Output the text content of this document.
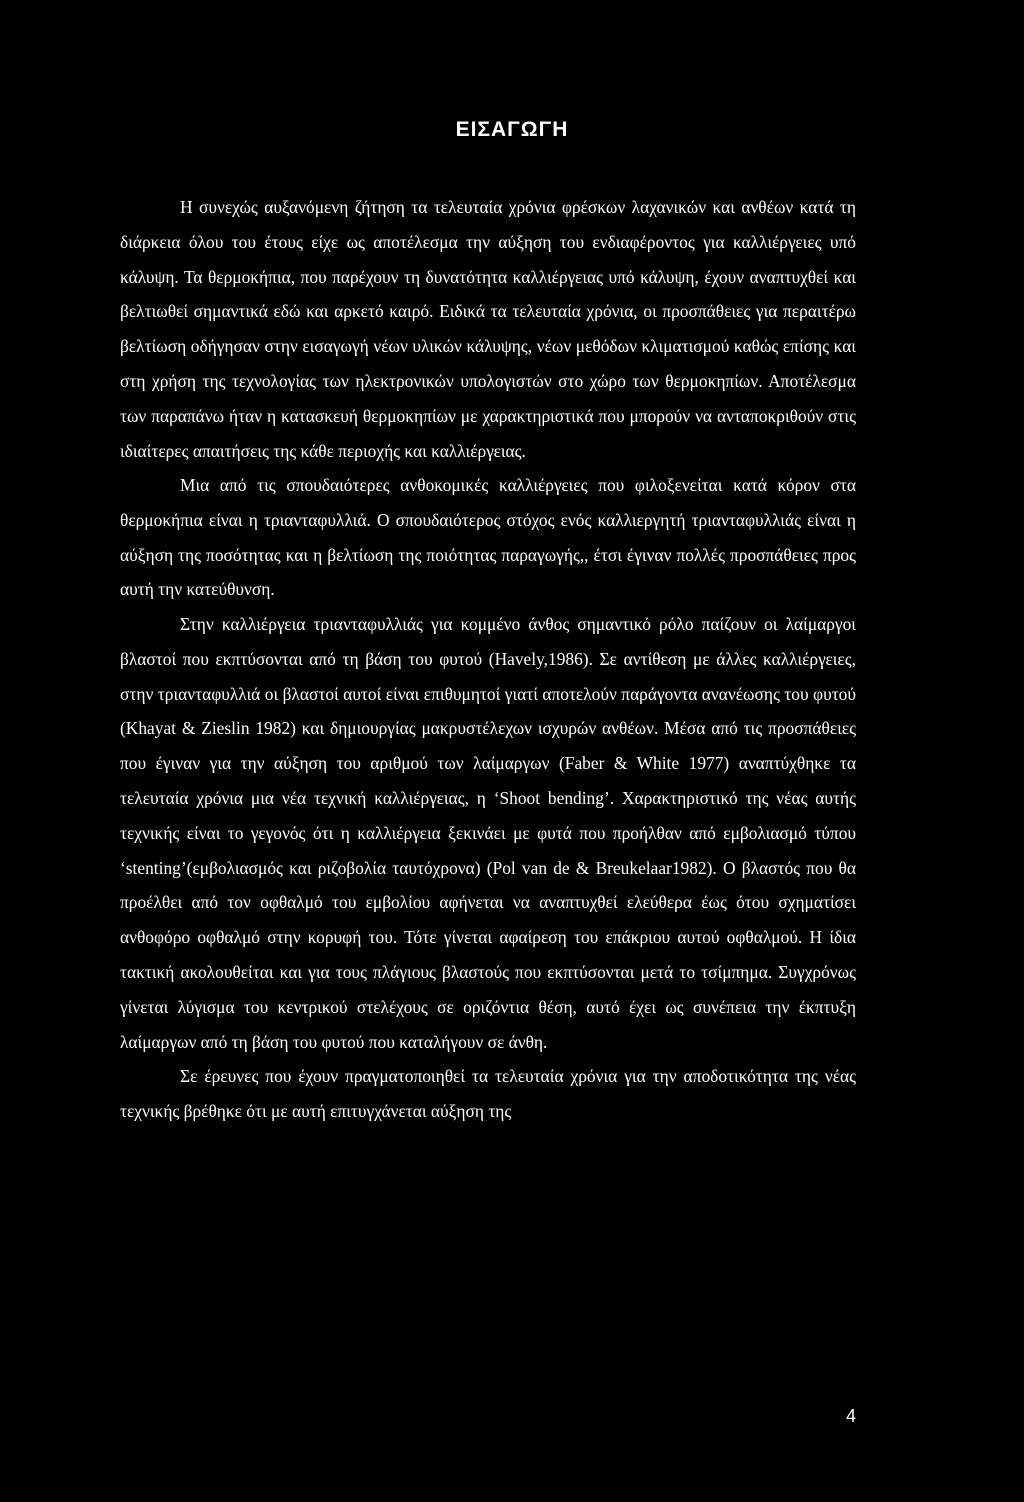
ΕΙΣΑΓΩΓΗ

Η συνεχώς αυξανόμενη ζήτηση τα τελευταία χρόνια φρέσκων λαχανικών και ανθέων κατά τη διάρκεια όλου του έτους είχε ως αποτέλεσμα την αύξηση του ενδιαφέροντος για καλλιέργειες υπό κάλυψη. Τα θερμοκήπια, που παρέχουν τη δυνατότητα καλλιέργειας υπό κάλυψη, έχουν αναπτυχθεί και βελτιωθεί σημαντικά εδώ και αρκετό καιρό. Ειδικά τα τελευταία χρόνια, οι προσπάθειες για περαιτέρω βελτίωση οδήγησαν στην εισαγωγή νέων υλικών κάλυψης, νέων μεθόδων κλιματισμού καθώς επίσης και στη χρήση της τεχνολογίας των ηλεκτρονικών υπολογιστών στο χώρο των θερμοκηπίων. Αποτέλεσμα των παραπάνω ήταν η κατασκευή θερμοκηπίων με χαρακτηριστικά που μπορούν να ανταποκριθούν στις ιδιαίτερες απαιτήσεις της κάθε περιοχής και καλλιέργειας.

Μια από τις σπουδαιότερες ανθοκομικές καλλιέργειες που φιλοξενείται κατά κόρον στα θερμοκήπια είναι η τριανταφυλλιά. Ο σπουδαιότερος στόχος ενός καλλιεργητή τριανταφυλλιάς είναι η αύξηση της ποσότητας και η βελτίωση της ποιότητας παραγωγής,, έτσι έγιναν πολλές προσπάθειες προς αυτή την κατεύθυνση.

Στην καλλιέργεια τριανταφυλλιάς για κομμένο άνθος σημαντικό ρόλο παίζουν οι λαίμαργοι βλαστοί που εκπτύσονται από τη βάση του φυτού (Havely,1986). Σε αντίθεση με άλλες καλλιέργειες, στην τριανταφυλλιά οι βλαστοί αυτοί είναι επιθυμητοί γιατί αποτελούν παράγοντα ανανέωσης του φυτού (Khayat & Zieslin 1982) και δημιουργίας μακρυστέλεχων ισχυρών ανθέων. Μέσα από τις προσπάθειες που έγιναν για την αύξηση του αριθμού των λαίμαργων (Faber & White 1977) αναπτύχθηκε τα τελευταία χρόνια μια νέα τεχνική καλλιέργειας, η ‘Shoot bending’. Χαρακτηριστικό της νέας αυτής τεχνικής είναι το γεγονός ότι η καλλιέργεια ξεκινάει με φυτά που προήλθαν από εμβολιασμό τύπου ‘stenting’(εμβολιασμός και ριζοβολία ταυτόχρονα) (Pol van de & Breukelaar1982). Ο βλαστός που θα προέλθει από τον οφθαλμό του εμβολίου αφήνεται να αναπτυχθεί ελεύθερα έως ότου σχηματίσει ανθοφόρο οφθαλμό στην κορυφή του. Τότε γίνεται αφαίρεση του επάκριου αυτού οφθαλμού. Η ίδια τακτική ακολουθείται και για τους πλάγιους βλαστούς που εκπτύσονται μετά το τσίμπημα. Συγχρόνως γίνεται λύγισμα του κεντρικού στελέχους σε οριζόντια θέση, αυτό έχει ως συνέπεια την έκπτυξη λαίμαργων από τη βάση του φυτού που καταλήγουν σε άνθη.

Σε έρευνες που έχουν πραγματοποιηθεί τα τελευταία χρόνια για την αποδοτικότητα της νέας τεχνικής βρέθηκε ότι με αυτή επιτυγχάνεται αύξηση της

4
